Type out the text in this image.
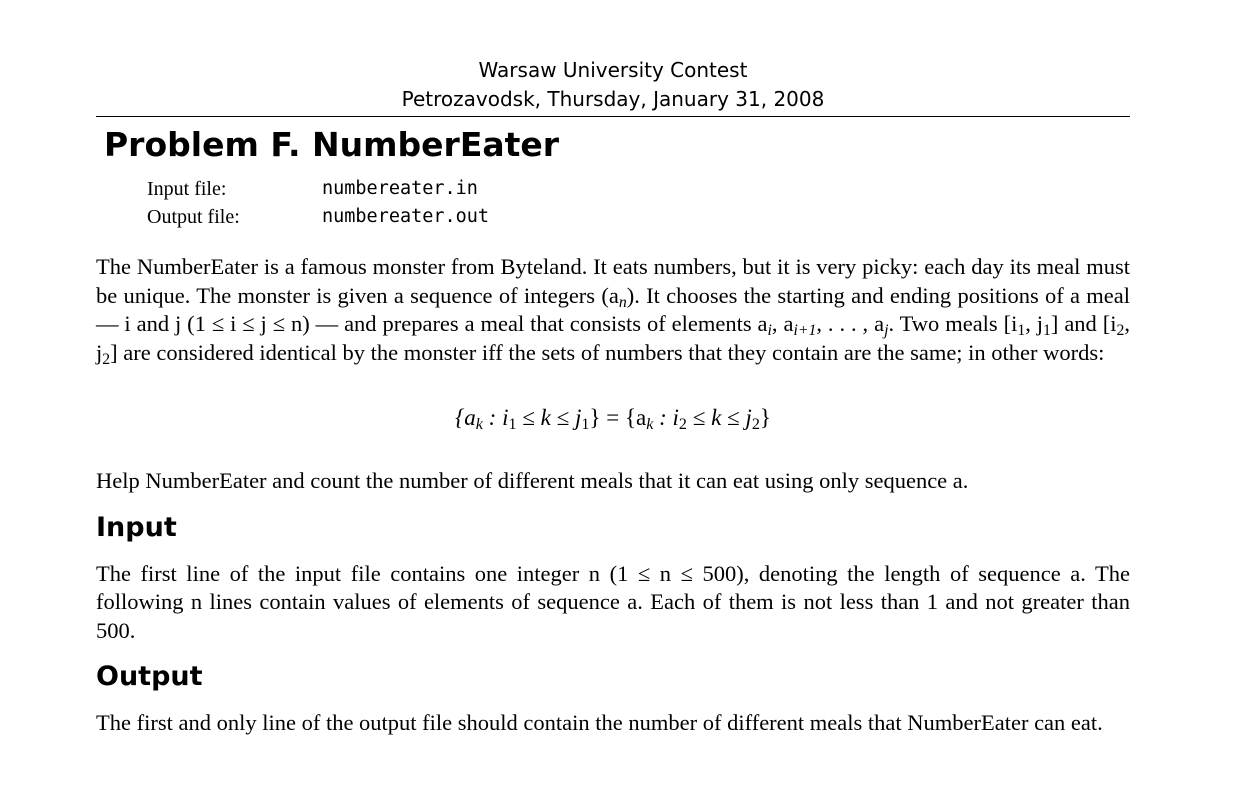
Warsaw University Contest
Petrozavodsk, Thursday, January 31, 2008
Problem F. NumberEater
Input file:	numbereater.in
Output file:	numbereater.out

The NumberEater is a famous monster from Byteland. It eats numbers, but it is very picky: each day its meal must be unique. The monster is given a sequence of integers $(a_n)$. It chooses the starting and ending positions of a meal — i and j (1 ≤ i ≤ j ≤ n) — and prepares a meal that consists of elements $a_i$, $a_{i+1}$, . . . , $a_j$. Two meals [$i_1$, $j_1$] and [$i_2$, $j_2$] are considered identical by the monster iff the sets of numbers that they contain are the same; in other words:

{$a_k$ : $i_1 \le k \le j_1\} = \{a_k$ : $i_2 \le k \le j_2$}

Help NumberEater and count the number of different meals that it can eat using only sequence a.

Input

The first line of the input file contains one integer n (1 ≤ n ≤ 500), denoting the length of sequence a. The following n lines contain values of elements of sequence a. Each of them is not less than 1 and not greater than 500.

Output

The first and only line of the output file should contain the number of different meals that NumberEater can eat.
